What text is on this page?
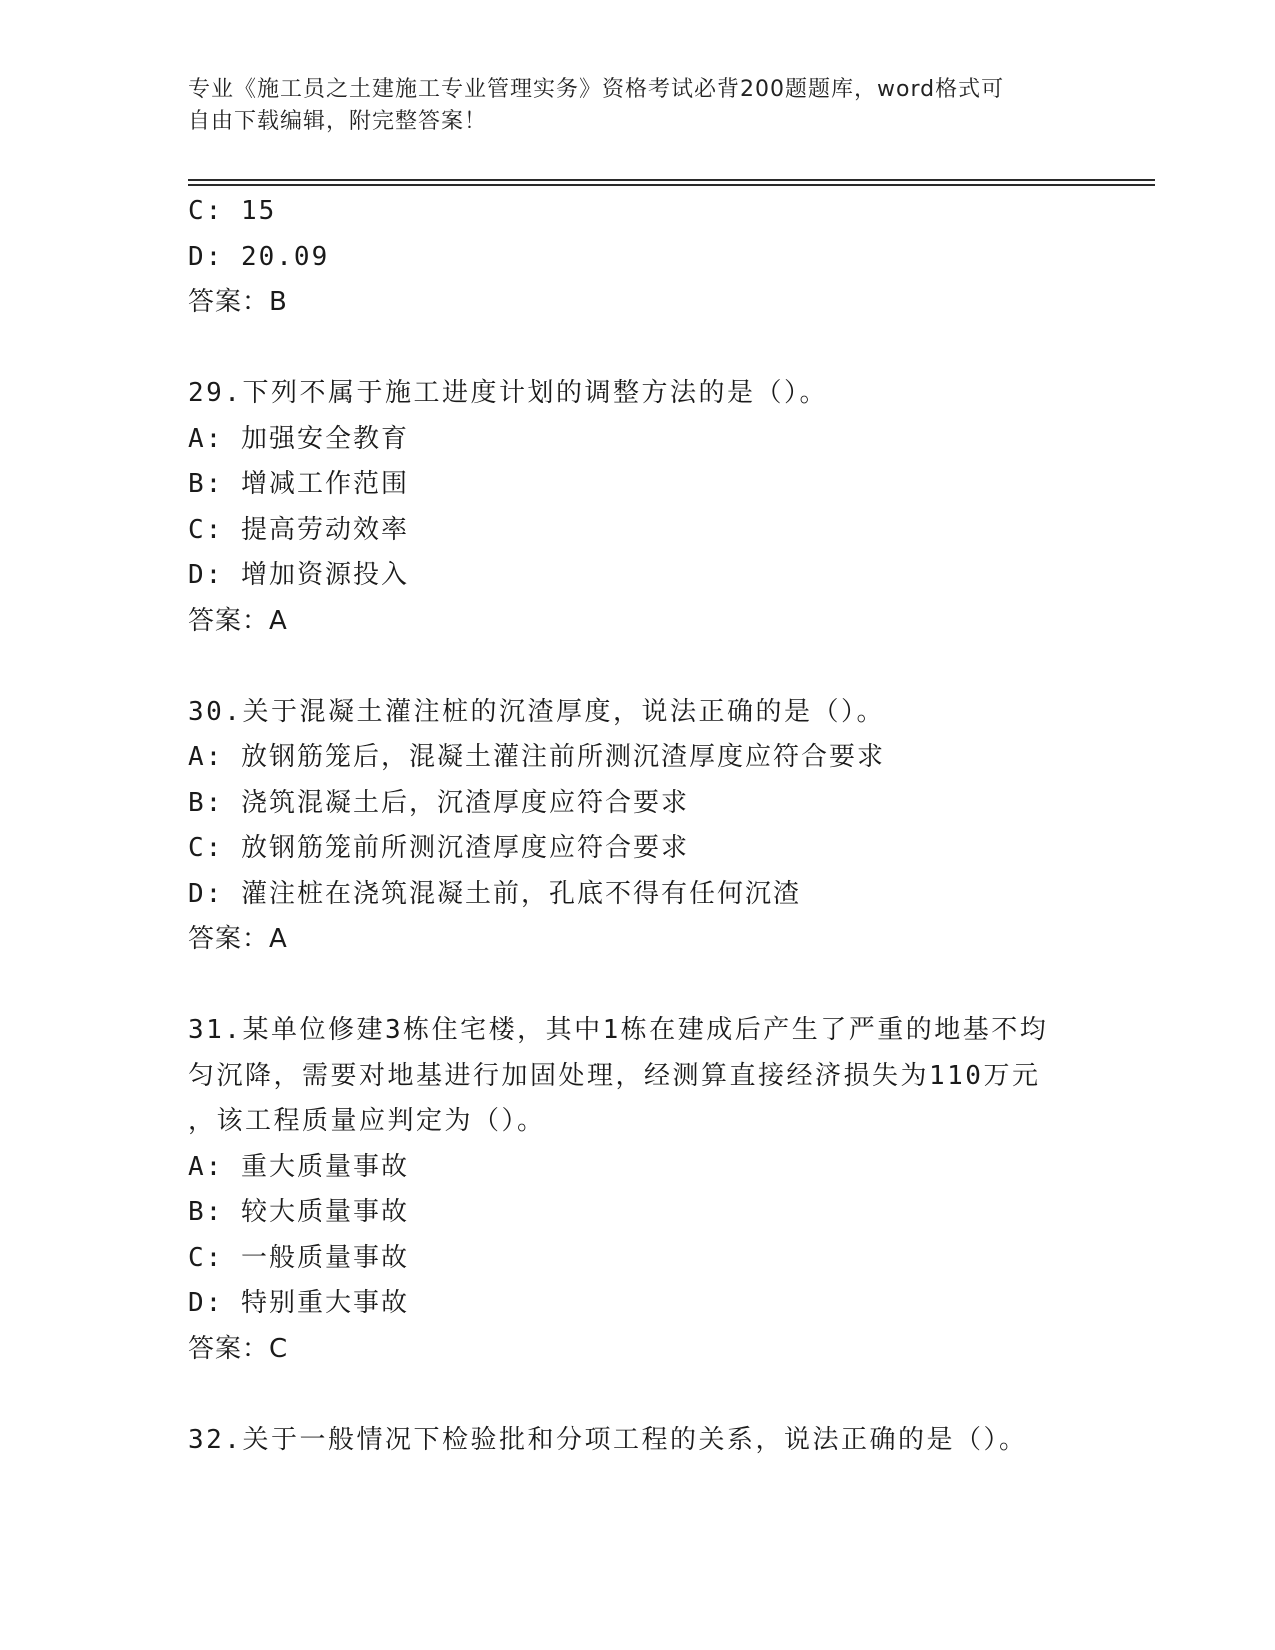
专业《施工员之土建施工专业管理实务》资格考试必背200题题库，word格式可
自由下载编辑，附完整答案！
C: 15
D: 20.09
答案：B
29.下列不属于施工进度计划的调整方法的是（）。
A: 加强安全教育
B: 增减工作范围
C: 提高劳动效率
D: 增加资源投入
答案：A
30.关于混凝土灌注桩的沉渣厚度，说法正确的是（）。
A: 放钢筋笼后，混凝土灌注前所测沉渣厚度应符合要求
B: 浇筑混凝土后，沉渣厚度应符合要求
C: 放钢筋笼前所测沉渣厚度应符合要求
D: 灌注桩在浇筑混凝土前，孔底不得有任何沉渣
答案：A
31.某单位修建3栋住宅楼，其中1栋在建成后产生了严重的地基不均
匀沉降，需要对地基进行加固处理，经测算直接经济损失为110万元
，该工程质量应判定为（）。
A: 重大质量事故
B: 较大质量事故
C: 一般质量事故
D: 特别重大事故
答案：C
32.关于一般情况下检验批和分项工程的关系，说法正确的是（）。
